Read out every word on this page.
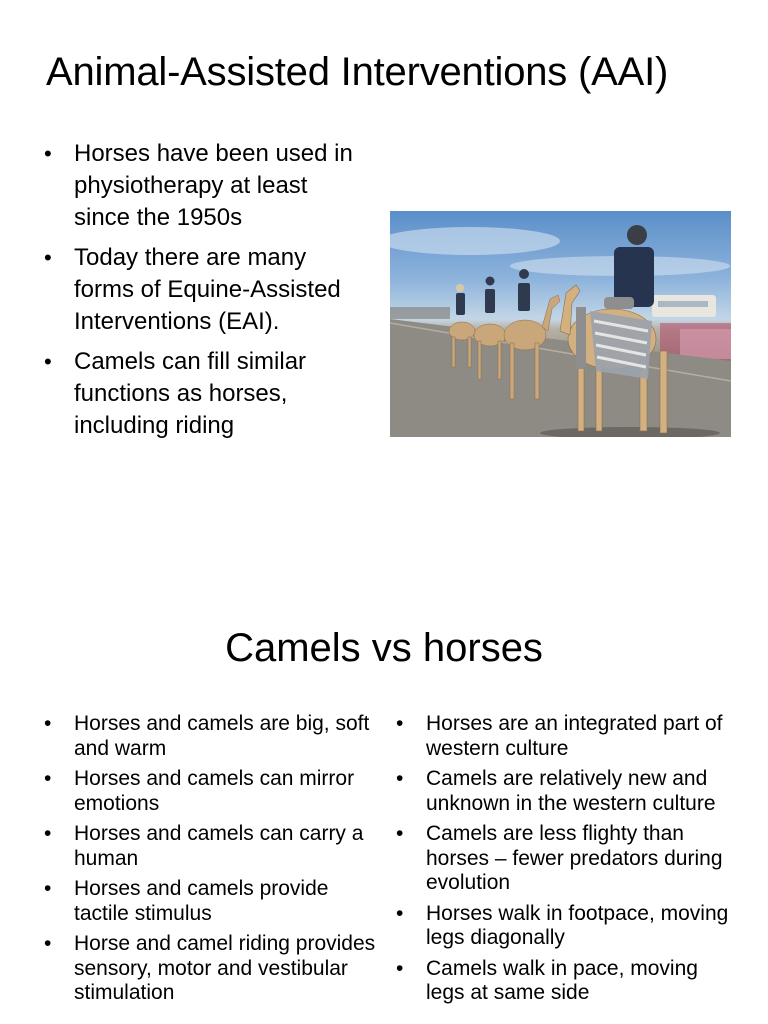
Animal-Assisted Interventions (AAI)
• Horses have been used in physiotherapy at least since the 1950s
• Today there are many forms of Equine-Assisted Interventions (EAI).
• Camels can fill similar functions as horses, including riding
Camels vs horses
• Horses and camels are big, soft and warm
• Horses and camels can mirror emotions
• Horses and camels can carry a human
• Horses and camels provide tactile stimulus
• Horse and camel riding provides sensory, motor and vestibular stimulation
• Horses are an integrated part of western culture
• Camels are relatively new and unknown in the western culture
• Camels are less flighty than horses – fewer predators during evolution
• Horses walk in footpace, moving legs diagonally
• Camels walk in pace, moving legs at same side
